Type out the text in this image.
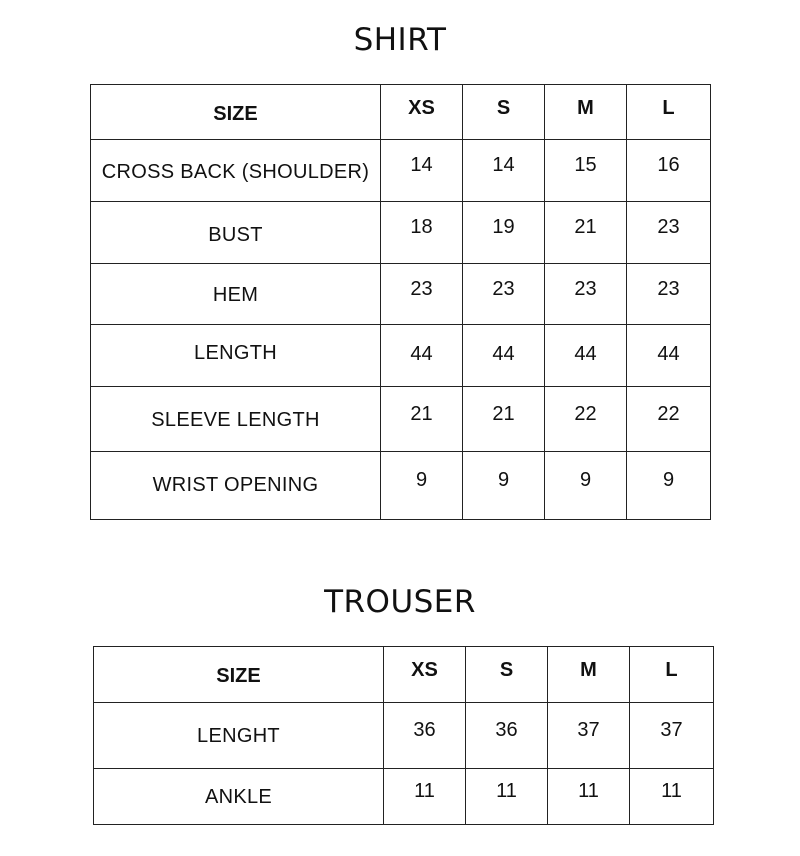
SHIRT
SIZE	XS	S	M	L
CROSS BACK (SHOULDER)	14	14	15	16
BUST	18	19	21	23
HEM	23	23	23	23
LENGTH	44	44	44	44
SLEEVE LENGTH	21	21	22	22
WRIST OPENING	9	9	9	9
TROUSER
SIZE	XS	S	M	L
LENGHT	36	36	37	37
ANKLE	11	11	11	11
